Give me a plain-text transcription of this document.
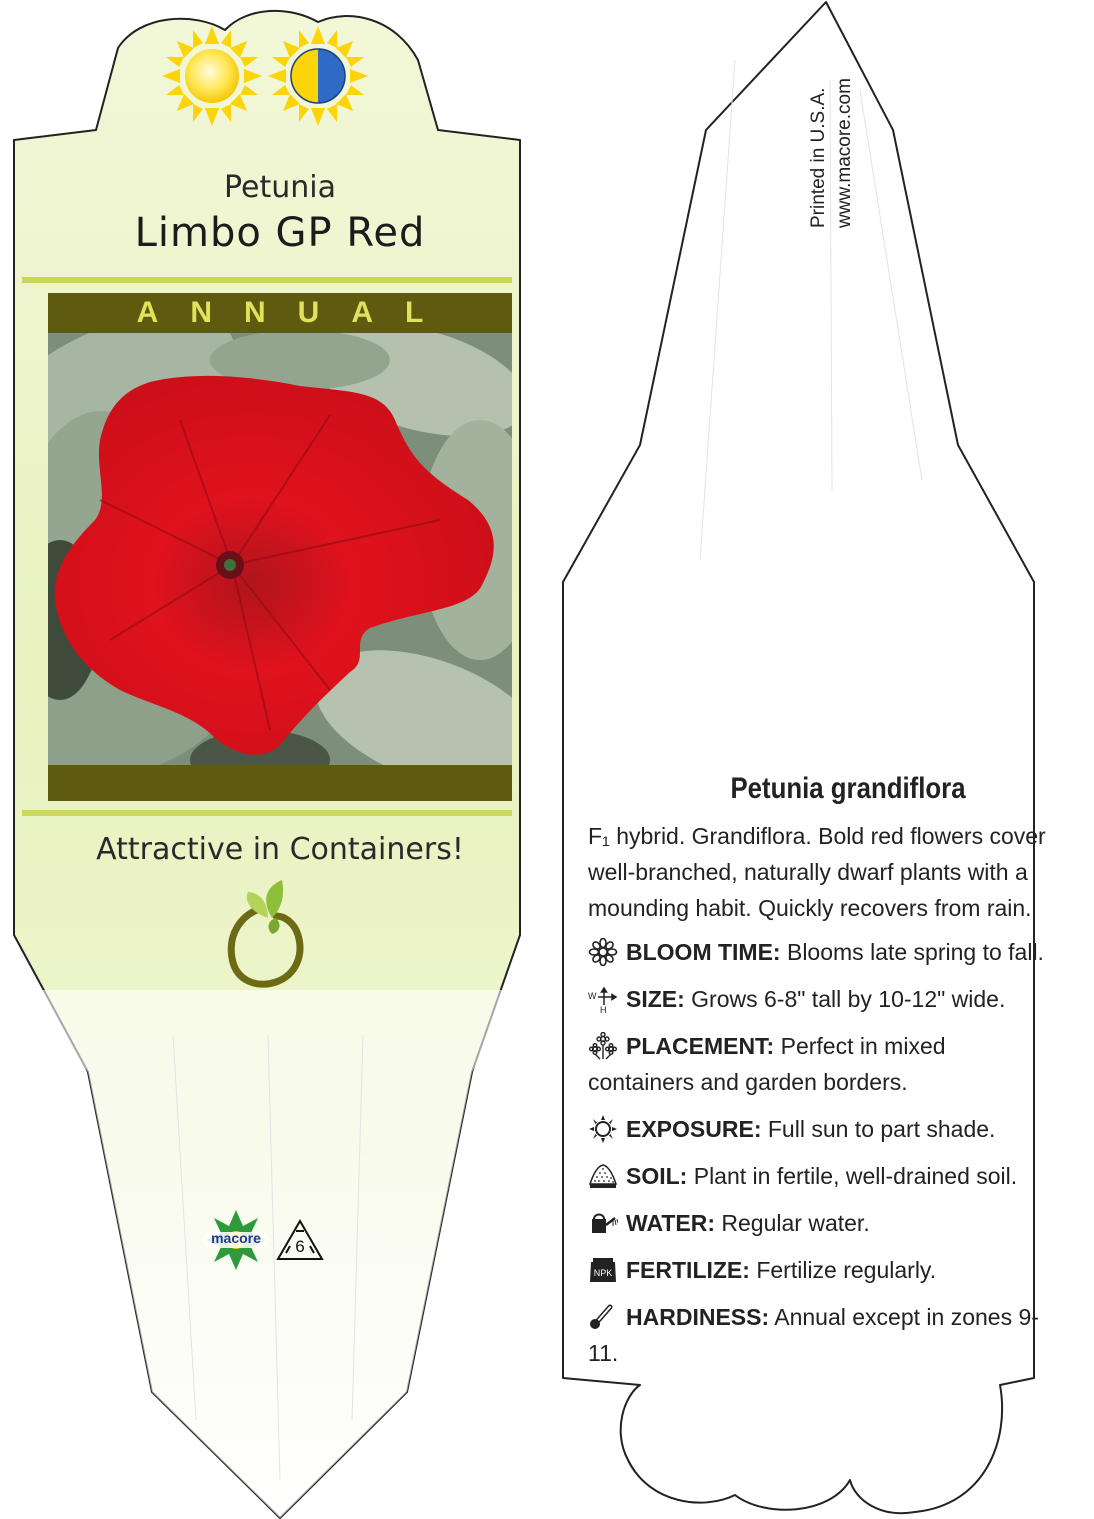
Petunia
Limbo GP Red
ANNUAL
Attractive in Containers!
macore	6
Printed in U.S.A. www.macore.com
Petunia grandiflora
F₁ hybrid. Grandiflora. Bold red flowers cover well-branched, naturally dwarf plants with a mounding habit. Quickly recovers from rain.
BLOOM TIME: Blooms late spring to fall.
W
H SIZE: Grows 6-8" tall by 10-12" wide.
PLACEMENT: Perfect in mixed containers and garden borders.
EXPOSURE: Full sun to part shade.
SOIL: Plant in fertile, well-drained soil.
WATER: Regular water.
NPK FERTILIZE: Fertilize regularly.
HARDINESS: Annual except in zones 9-11.
